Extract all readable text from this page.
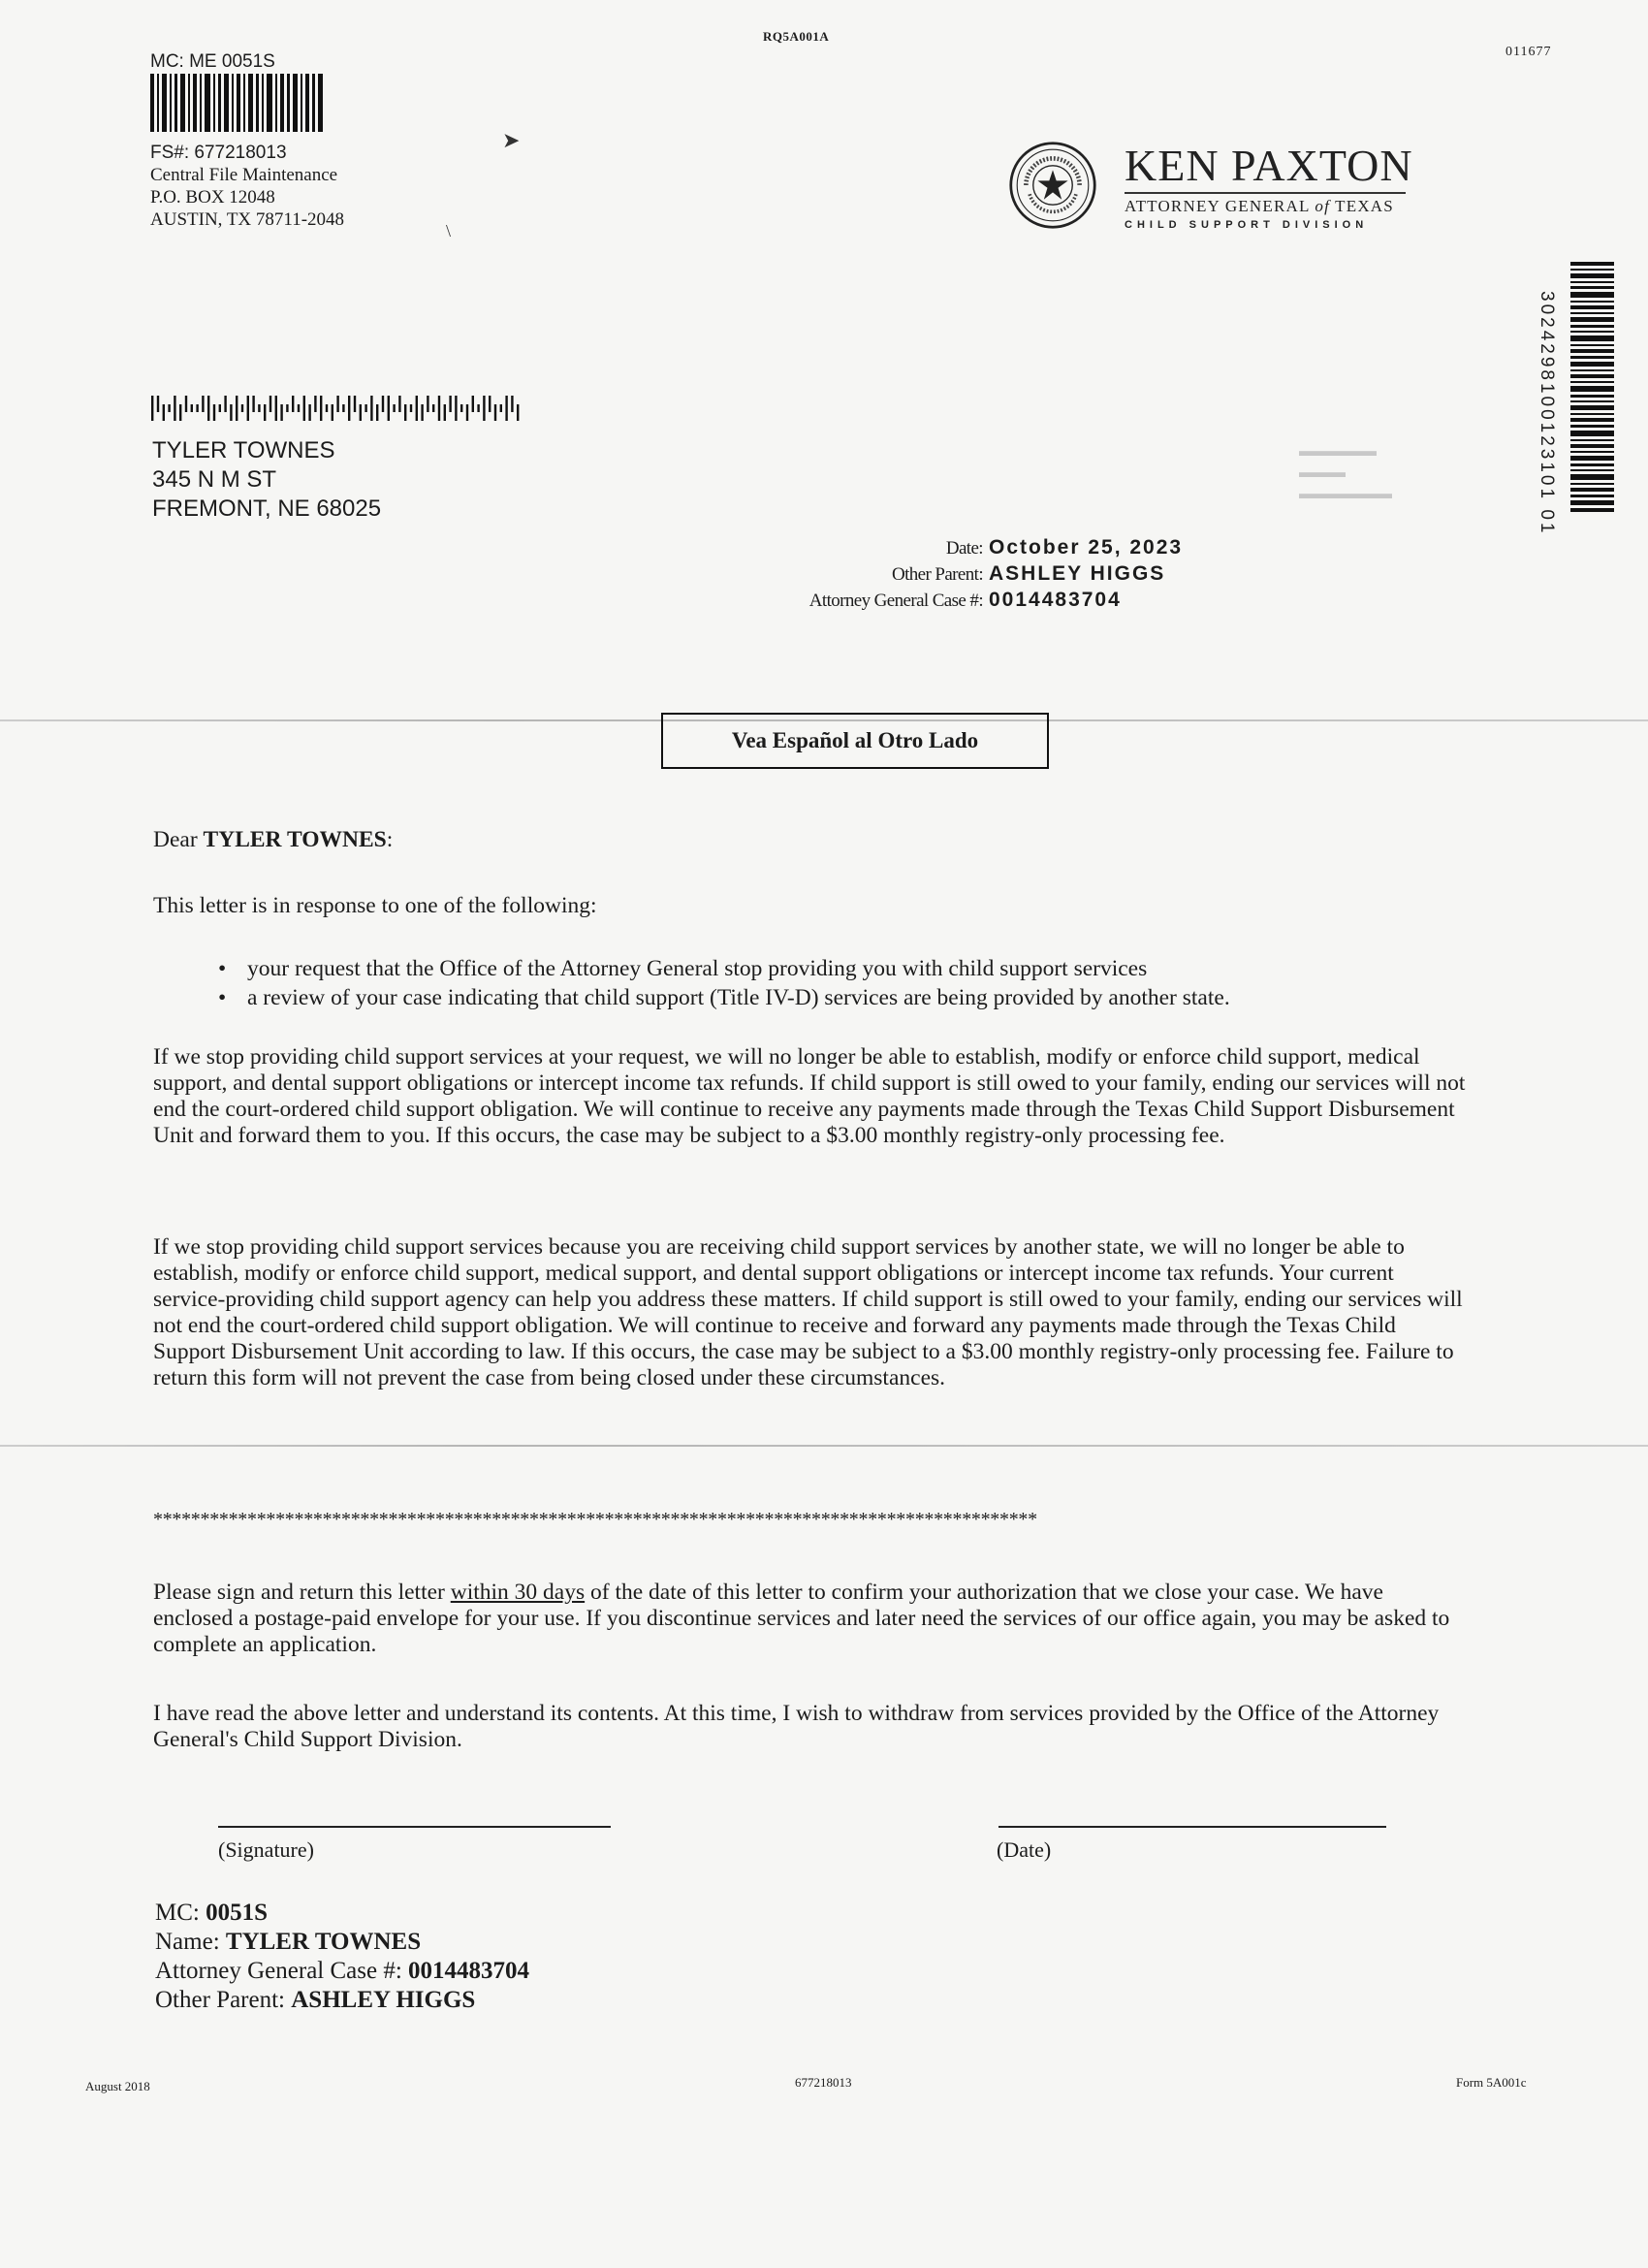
MC: ME 0051S
FS#: 677218013
Central File Maintenance
P.O. BOX 12048
AUSTIN, TX 78711-2048
➤
\
RQ5A001A
011677
KEN PAXTON
ATTORNEY GENERAL of TEXAS
CHILD SUPPORT DIVISION
3024298100123101 01
TYLER TOWNES
345 N M ST
FREMONT, NE 68025
▬▬▬▬▬
▬▬▬
▬▬▬▬▬▬
Date: October 25, 2023
Other Parent: ASHLEY HIGGS
Attorney General Case #: 0014483704
Vea Español al Otro Lado
Dear TYLER TOWNES:
This letter is in response to one of the following:
• your request that the Office of the Attorney General stop providing you with child support services
• a review of your case indicating that child support (Title IV-D) services are being provided by another state.
If we stop providing child support services at your request, we will no longer be able to establish, modify or enforce child support, medical support, and dental support obligations or intercept income tax refunds. If child support is still owed to your family, ending our services will not end the court-ordered child support obligation. We will continue to receive any payments made through the Texas Child Support Disbursement Unit and forward them to you. If this occurs, the case may be subject to a $3.00 monthly registry-only processing fee.
If we stop providing child support services because you are receiving child support services by another state, we will no longer be able to establish, modify or enforce child support, medical support, and dental support obligations or intercept income tax refunds. Your current service-providing child support agency can help you address these matters. If child support is still owed to your family, ending our services will not end the court-ordered child support obligation. We will continue to receive and forward any payments made through the Texas Child Support Disbursement Unit according to law. If this occurs, the case may be subject to a $3.00 monthly registry-only processing fee. Failure to return this form will not prevent the case from being closed under these circumstances.
**********************************************************************************************
Please sign and return this letter within 30 days of the date of this letter to confirm your authorization that we close your case. We have enclosed a postage-paid envelope for your use. If you discontinue services and later need the services of our office again, you may be asked to complete an application.
I have read the above letter and understand its contents. At this time, I wish to withdraw from services provided by the Office of the Attorney General's Child Support Division.
(Signature)	(Date)
MC: 0051S
Name: TYLER TOWNES
Attorney General Case #: 0014483704
Other Parent: ASHLEY HIGGS
August 2018	677218013	Form 5A001c
